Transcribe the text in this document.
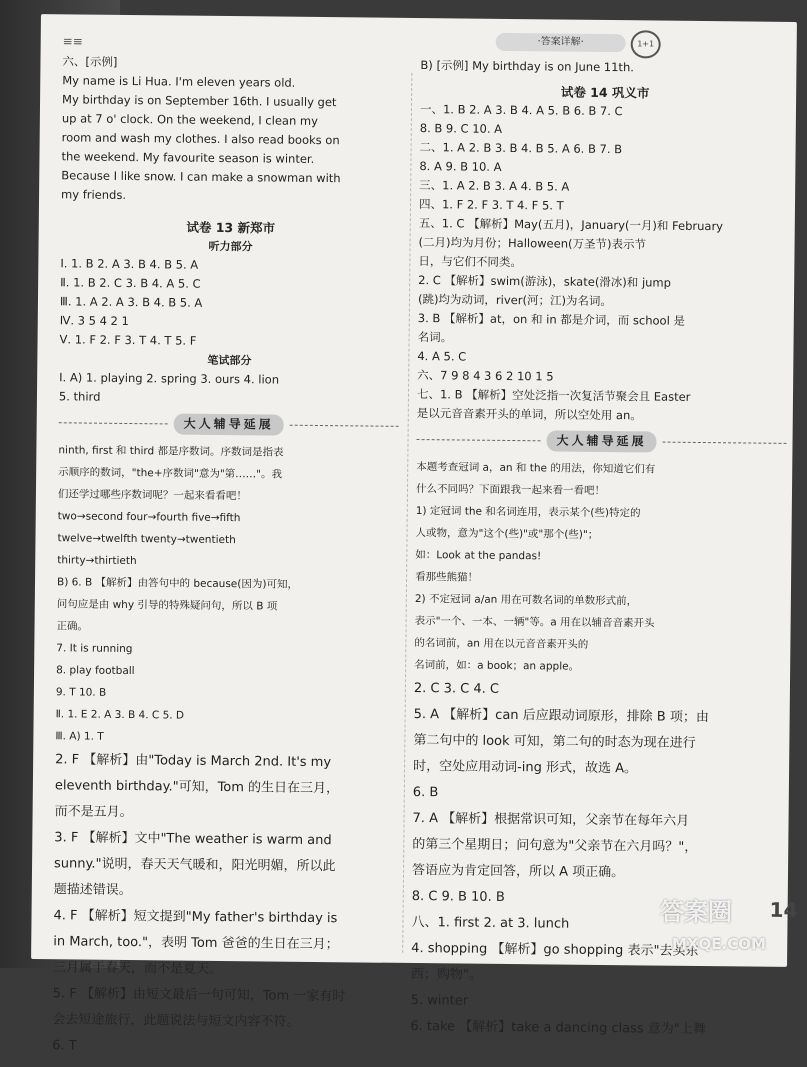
≡≡	·答案详解·	1+1
六、[示例]
My name is Li Hua. I'm eleven years old.
My birthday is on September 16th. I usually get
up at 7 o' clock. On the weekend, I clean my
room and wash my clothes. I also read books on
the weekend. My favourite season is winter.
Because I like snow. I can make a snowman with
my friends.
试卷 13 新郑市
听力部分
Ⅰ. 1. B 2. A 3. B 4. B 5. A
Ⅱ. 1. B 2. C 3. B 4. A 5. C
Ⅲ. 1. A 2. A 3. B 4. B 5. A
Ⅳ. 3 5 4 2 1
Ⅴ. 1. F 2. F 3. T 4. T 5. F
笔试部分
Ⅰ. A) 1. playing 2. spring 3. ours 4. lion
5. third
大人辅导延展
ninth, first 和 third 都是序数词。序数词是指表
示顺序的数词，"the+序数词"意为"第……"。我
们还学过哪些序数词呢？一起来看看吧！
two→second four→fourth five→fifth
twelve→twelfth twenty→twentieth
thirty→thirtieth
B) 6. B 【解析】由答句中的 because(因为)可知，
问句应是由 why 引导的特殊疑问句，所以 B 项
正确。
7. It is running
8. play football
9. T 10. B
Ⅱ. 1. E 2. A 3. B 4. C 5. D
Ⅲ. A) 1. T
2. F 【解析】由"Today is March 2nd. It's my
eleventh birthday."可知，Tom 的生日在三月，
而不是五月。
3. F 【解析】文中"The weather is warm and
sunny."说明，春天天气暖和，阳光明媚，所以此
题描述错误。
4. F 【解析】短文提到"My father's birthday is
in March, too."，表明 Tom 爸爸的生日在三月；
三月属于春天，而不是夏天。
5. F 【解析】由短文最后一句可知，Tom 一家有时
会去短途旅行，此题说法与短文内容不符。
6. T
B) [示例] My birthday is on June 11th.
试卷 14 巩义市
一、1. B 2. A 3. B 4. A 5. B 6. B 7. C
8. B 9. C 10. A
二、1. A 2. B 3. B 4. B 5. A 6. B 7. B
8. A 9. B 10. A
三、1. A 2. B 3. A 4. B 5. A
四、1. F 2. F 3. T 4. F 5. T
五、1. C 【解析】May(五月)，January(一月)和 February
(二月)均为月份；Halloween(万圣节)表示节
日，与它们不同类。
2. C 【解析】swim(游泳)，skate(滑冰)和 jump
(跳)均为动词，river(河；江)为名词。
3. B 【解析】at，on 和 in 都是介词，而 school 是
名词。
4. A 5. C
六、7 9 8 4 3 6 2 10 1 5
七、1. B 【解析】空处泛指一次复活节聚会且 Easter
是以元音音素开头的单词，所以空处用 an。
大人辅导延展
本题考查冠词 a，an 和 the 的用法，你知道它们有
什么不同吗？下面跟我一起来看一看吧！
1) 定冠词 the 和名词连用，表示某个(些)特定的
人或物，意为"这个(些)"或"那个(些)"；
如：Look at the pandas!
看那些熊猫！
2) 不定冠词 a/an 用在可数名词的单数形式前，
表示"一个、一本、一辆"等。a 用在以辅音音素开头
的名词前，an 用在以元音音素开头的
名词前，如：a book；an apple。
2. C 3. C 4. C
5. A 【解析】can 后应跟动词原形，排除 B 项；由
第二句中的 look 可知，第二句的时态为现在进行
时，空处应用动词-ing 形式，故选 A。
6. B
7. A 【解析】根据常识可知，父亲节在每年六月
的第三个星期日；问句意为"父亲节在六月吗？"，
答语应为肯定回答，所以 A 项正确。
8. C 9. B 10. B
八、1. first 2. at 3. lunch
4. shopping 【解析】go shopping 表示"去买东
西；购物"。
5. winter
6. take 【解析】take a dancing class 意为"上舞
14
答案圈
MXQE.COM
